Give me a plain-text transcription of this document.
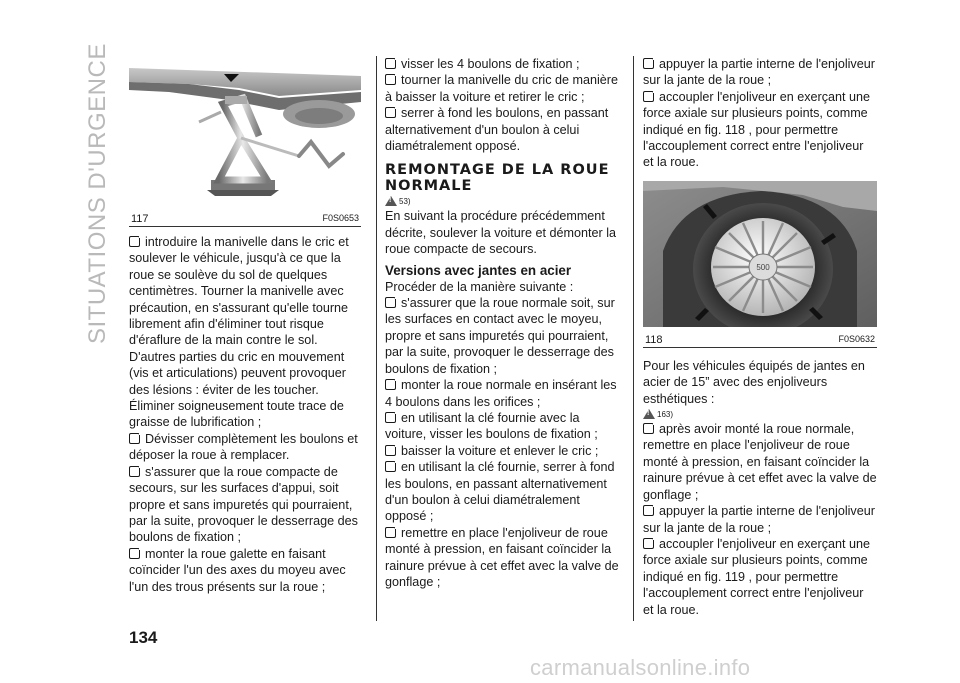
SITUATIONS D'URGENCE 117	F0S0653

introduire la manivelle dans le cric et soulever le véhicule, jusqu'à ce que la roue se soulève du sol de quelques centimètres. Tourner la manivelle avec précaution, en s'assurant qu'elle tourne librement afin d'éliminer tout risque d'éraflure de la main contre le sol. D'autres parties du cric en mouvement (vis et articulations) peuvent provoquer des lésions : éviter de les toucher. Éliminer soigneusement toute trace de graisse de lubrification ;

Dévisser complètement les boulons et déposer la roue à remplacer.

s'assurer que la roue compacte de secours, sur les surfaces d'appui, soit propre et sans impuretés qui pourraient, par la suite, provoquer le desserrage des boulons de fixation ;

monter la roue galette en faisant coïncider l'un des axes du moyeu avec l'un des trous présents sur la roue ;

visser les 4 boulons de fixation ;

tourner la manivelle du cric de manière à baisser la voiture et retirer le cric ;

serrer à fond les boulons, en passant alternativement d'un boulon à celui diamétralement opposé.

REMONTAGE DE LA ROUE NORMALE
!
53)

En suivant la procédure précédemment décrite, soulever la voiture et démonter la roue compacte de secours.

Versions avec jantes en acier

Procéder de la manière suivante :

s'assurer que la roue normale soit, sur les surfaces en contact avec le moyeu, propre et sans impuretés qui pourraient, par la suite, provoquer le desserrage des boulons de fixation ;

monter la roue normale en insérant les 4 boulons dans les orifices ;

en utilisant la clé fournie avec la voiture, visser les boulons de fixation ;

baisser la voiture et enlever le cric ;

en utilisant la clé fournie, serrer à fond les boulons, en passant alternativement d'un boulon à celui diamétralement opposé ;

remettre en place l'enjoliveur de roue monté à pression, en faisant coïncider la rainure prévue à cet effet avec la valve de gonflage ;

appuyer la partie interne de l'enjoliveur sur la jante de la roue ;

accoupler l'enjoliveur en exerçant une force axiale sur plusieurs points, comme indiqué en fig. 118 , pour permettre l'accouplement correct entre l'enjoliveur et la roue.

500
118	F0S0632

Pour les véhicules équipés de jantes en acier de 15” avec des enjoliveurs esthétiques :

!
163)

après avoir monté la roue normale, remettre en place l'enjoliveur de roue monté à pression, en faisant coïncider la rainure prévue à cet effet avec la valve de gonflage ;

appuyer la partie interne de l'enjoliveur sur la jante de la roue ;

accoupler l'enjoliveur en exerçant une force axiale sur plusieurs points, comme indiqué en fig. 119 , pour permettre l'accouplement correct entre l'enjoliveur et la roue.

134
carmanualsonline.info
